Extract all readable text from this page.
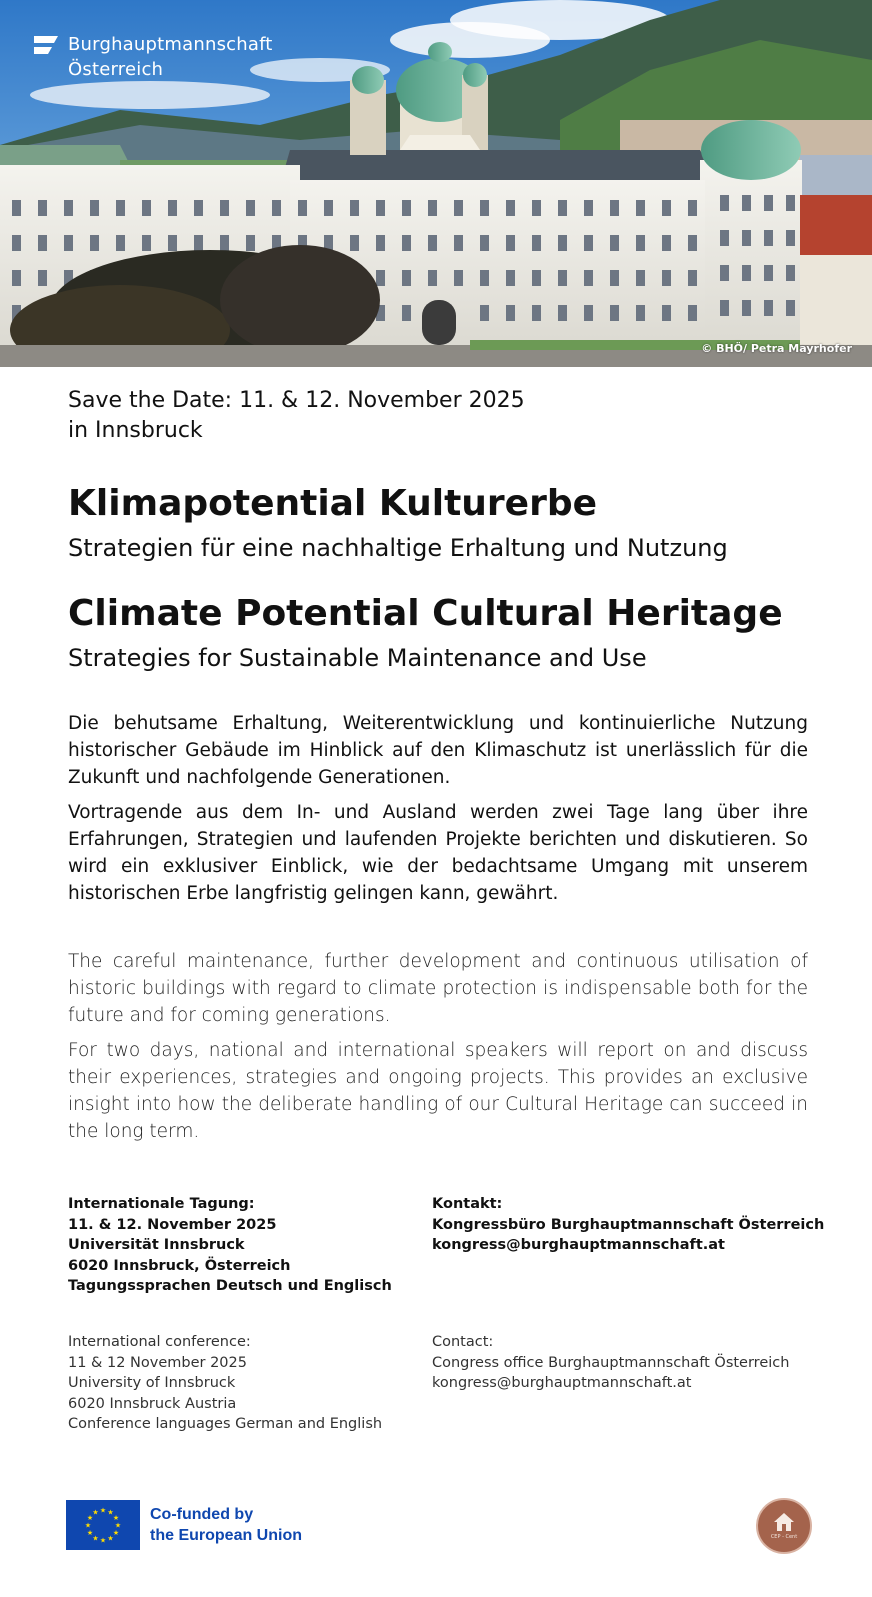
Burghauptmannschaft
Österreich
© BHÖ/ Petra Mayrhofer
Save the Date: 11. & 12. November 2025
in Innsbruck
Klimapotential Kulturerbe
Strategien für eine nachhaltige Erhaltung und Nutzung
Climate Potential Cultural Heritage
Strategies for Sustainable Maintenance and Use

Die behutsame Erhaltung, Weiterentwicklung und kontinuierliche Nutzung historischer Gebäude im Hinblick auf den Klimaschutz ist unerlässlich für die Zukunft und nachfolgende Generationen.

Vortragende aus dem In- und Ausland werden zwei Tage lang über ihre Erfahrungen, Strategien und laufenden Projekte berichten und diskutieren. So wird ein exklusiver Einblick, wie der bedachtsame Umgang mit unserem historischen Erbe langfristig gelingen kann, gewährt.

The careful maintenance, further development and continuous utilisation of historic buildings with regard to climate protection is indispensable both for the future and for coming generations.

For two days, national and international speakers will report on and discuss their experiences, strategies and ongoing projects. This provides an exclusive insight into how the deliberate handling of our Cultural Heritage can succeed in the long term.

Internationale Tagung:
11. & 12. November 2025
Universität Innsbruck
6020 Innsbruck, Österreich
Tagungssprachen Deutsch und Englisch
Kontakt:
Kongressbüro Burghauptmannschaft Österreich
kongress@burghauptmannschaft.at
International conference:
11 & 12 November 2025
University of Innsbruck
6020 Innsbruck Austria
Conference languages German and English
Contact:
Congress office Burghauptmannschaft Österreich
kongress@burghauptmannschaft.at
★ ★
★
★
★
★
★
★
★
★
★
★	Co-funded by
the European Union	CEP - Cent
